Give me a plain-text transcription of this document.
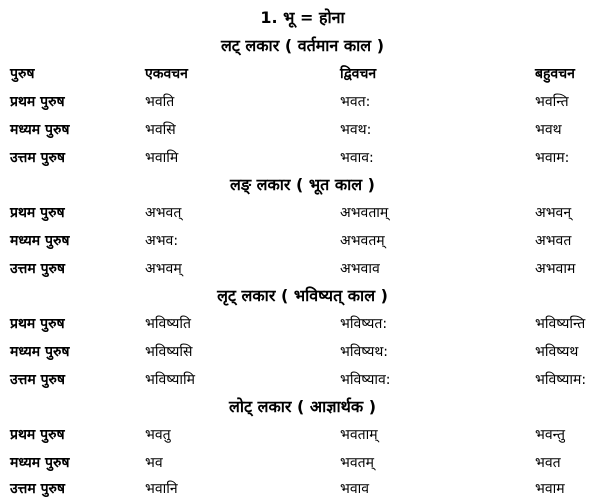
1. भू = होना
लट् लकार ( वर्तमान काल )
पुरुष	एकवचन	द्विवचन	बहुवचन
प्रथम पुरुष	भवति	भवत:	भवन्ति
मध्यम पुरुष	भवसि	भवथ:	भवथ
उत्तम पुरुष	भवामि	भवाव:	भवाम:
लङ् लकार ( भूत काल )
प्रथम पुरुष	अभवत्	अभवताम्	अभवन्
मध्यम पुरुष	अभव:	अभवतम्	अभवत
उत्तम पुरुष	अभवम्	अभवाव	अभवाम
लृट् लकार ( भविष्यत् काल )
प्रथम पुरुष	भविष्यति	भविष्यत:	भविष्यन्ति
मध्यम पुरुष	भविष्यसि	भविष्यथ:	भविष्यथ
उत्तम पुरुष	भविष्यामि	भविष्याव:	भविष्याम:
लोट् लकार ( आज्ञार्थक )
प्रथम पुरुष	भवतु	भवताम्	भवन्तु
मध्यम पुरुष	भव	भवतम्	भवत
उत्तम पुरुष	भवानि	भवाव	भवाम
